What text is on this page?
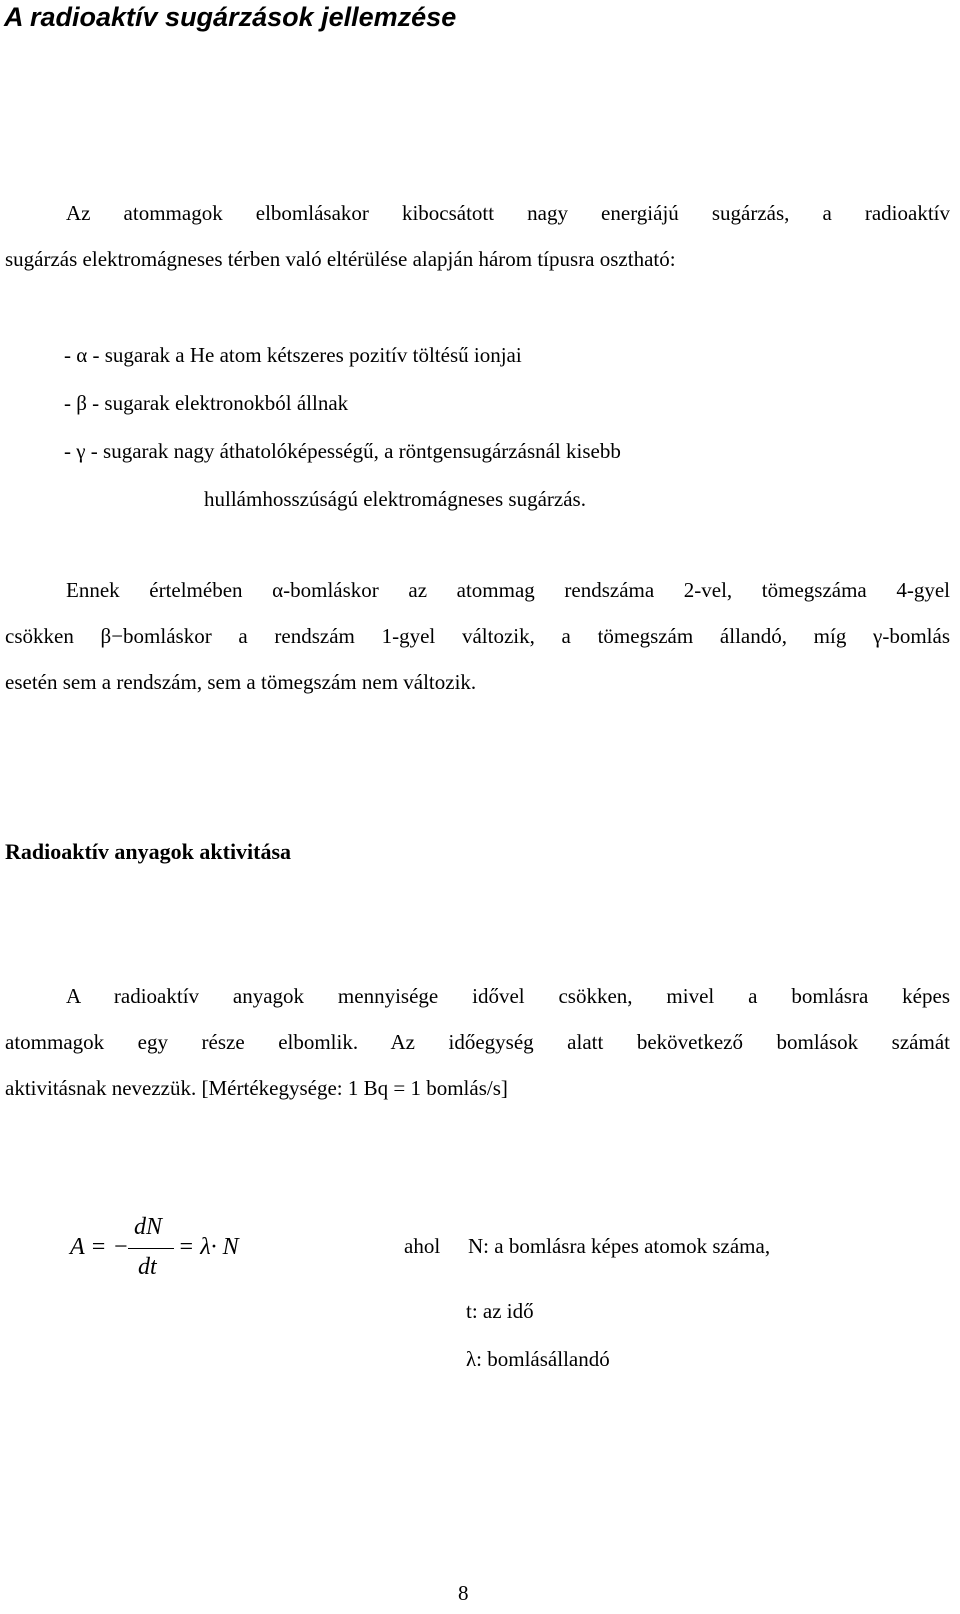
A radioaktív sugárzások jellemzése
Az atommagok elbomlásakor kibocsátott nagy energiájú sugárzás, a radioaktív
sugárzás elektromágneses térben való eltérülése alapján három típusra osztható:
- α - sugarak a He atom kétszeres pozitív töltésű ionjai
- β - sugarak elektronokból állnak
- γ - sugarak nagy áthatolóképességű, a röntgensugárzásnál kisebb
hullámhosszúságú elektromágneses sugárzás.
Ennek értelmében α-bomláskor az atommag rendszáma 2-vel, tömegszáma 4-gyel
csökken β−bomláskor a rendszám 1-gyel változik, a tömegszám állandó, míg γ-bomlás
esetén sem a rendszám, sem a tömegszám nem változik.
Radioaktív anyagok aktivitása
A radioaktív anyagok mennyisége idővel csökken, mivel a bomlásra képes
atommagok egy része elbomlik. Az időegység alatt bekövetkező bomlások számát
aktivitásnak nevezzük. [Mértékegysége: 1 Bq = 1 bomlás/s]
A = −
dN
dt
= λ· N	ahol N: a bomlásra képes atomok száma,
t: az idő
λ: bomlásállandó
8
